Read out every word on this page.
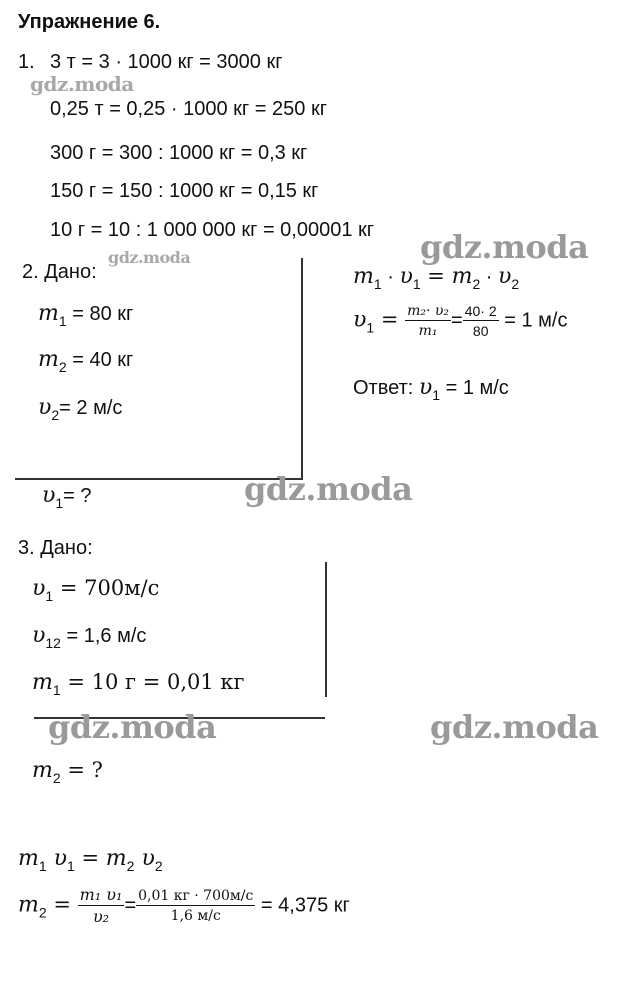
Упражнение 6.
1. 3 т = 3 · 1000 кг = 3000 кг
0,25 т = 0,25 · 1000 кг = 250 кг
300 г = 300 : 1000 кг = 0,3 кг
150 г = 150 : 1000 кг = 0,15 кг
10 г = 10 : 1 000 000 кг = 0,00001 кг
2. Дано:
$m_1 = 80$ кг
$m_2 = 40$ кг
$\upsilon_2= 2$ м/с
$\upsilon_1=$ ?
$m_1 \cdot \upsilon_1 = m_2 \cdot \upsilon_2$
$\upsilon_1 = \frac{\text{m₂· υ₂}}{\text{m₁}} = \frac{40\cdot 2}{80} = 1$ м/с
Ответ: $\upsilon_1 = 1$ м/с
3. Дано:
$\upsilon_1 = 700м/с$
$\upsilon_{12} = 1,6$ м/с
$m_1 = 10$ г = 0,01 кг
$m_2$ = ?
$m_1$ $\upsilon_1 = m_2$ $\upsilon_2$
$m_2 = \frac{\text{m₁ υ₁}}{\text{υ₂}} = \frac{0,01 кг \cdot 700м/с}{1,6 м/с} = 4,375$ кг
gdz.moda
gdz.moda
gdz.moda
gdz.moda
gdz.moda	gdz.moda
